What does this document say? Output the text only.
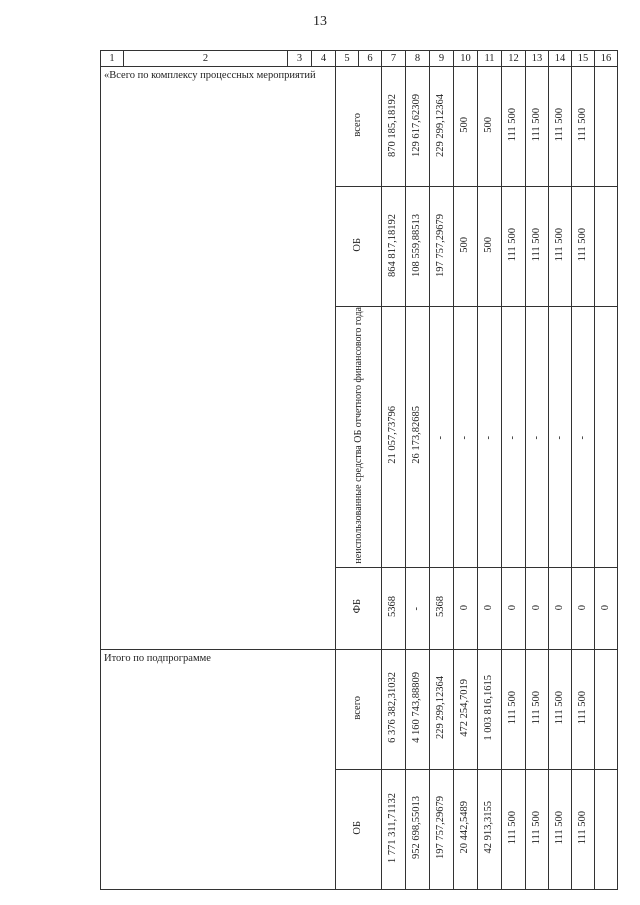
13
1	2	3	4	5	6	7	8	9	10	11	12	13	14	15	16
«Всего по комплексу процессных мероприятий				всего		870 185,18192	129 617,62309	229 299,12364	500	500	111 500	111 500	111 500	111 500	
				ОБ		864 817,18192	108 559,88513	197 757,29679	500	500	111 500	111 500	111 500	111 500	
				неиспользованные средства ОБ отчетного финансового года		21 057,73796	26 173,82685	-	-	-	-	-	-	-	
				ФБ		5368	-	5368	0	0	0	0	0	0	0
Итого по подпрограмме				всего		6 376 382,31032	4 160 743,88809	229 299,12364	472 254,7019	1 003 816,1615	111 500	111 500	111 500	111 500	
				ОБ		1 771 311,71132	952 698,55013	197 757,29679	20 442,5489	42 913,3155	111 500	111 500	111 500	111 500	
